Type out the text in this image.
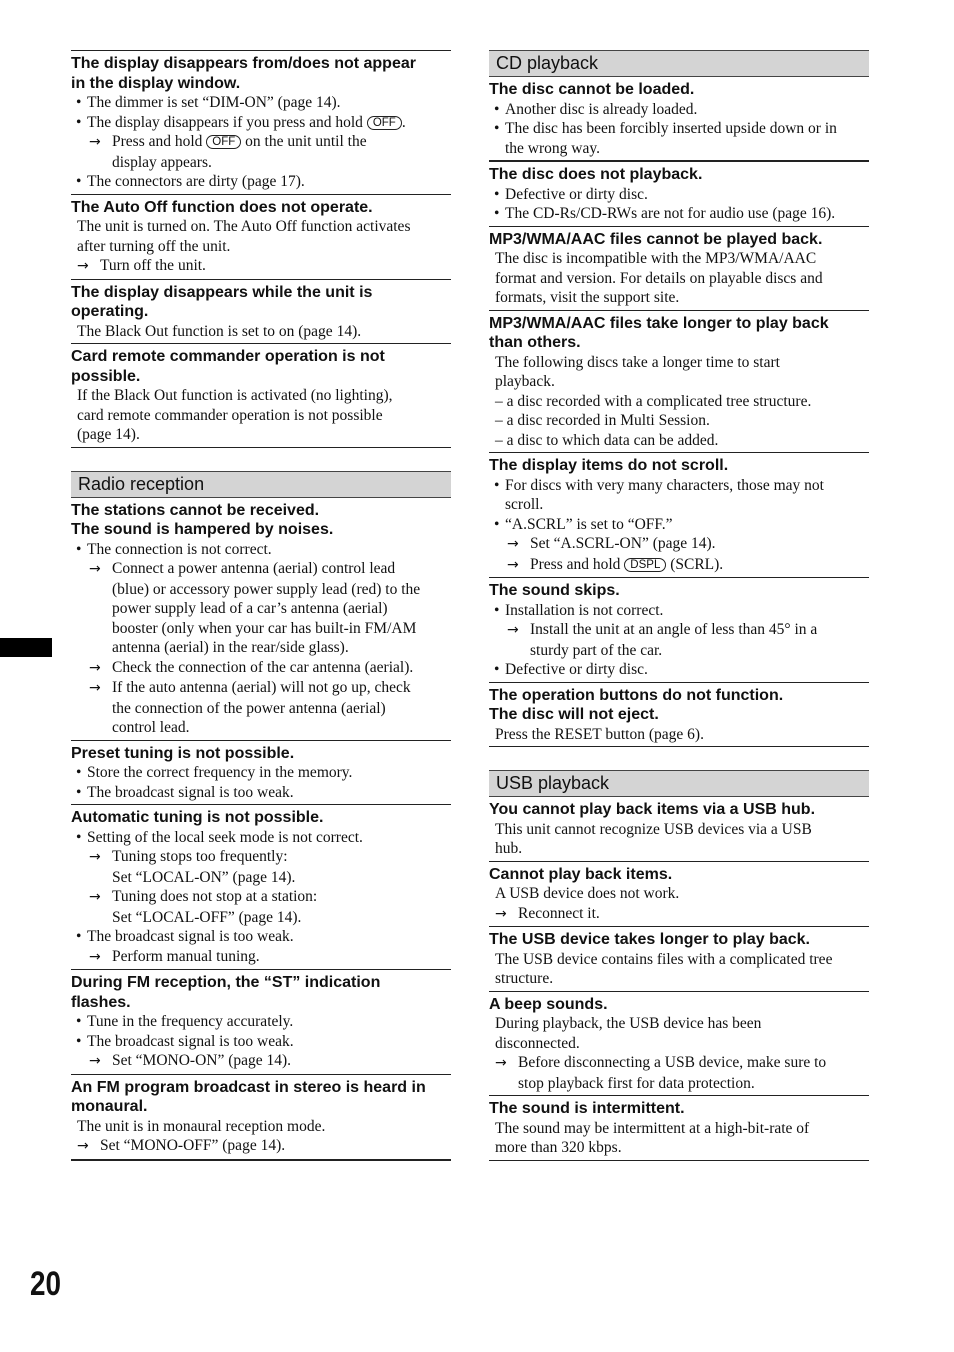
The display disappears from/does not appear
in the display window.
• The dimmer is set “DIM-ON” (page 14).
• The display disappears if you press and hold OFF .
→ Press and hold OFF on the unit until the
display appears.
• The connectors are dirty (page 17).
The Auto Off function does not operate.
The unit is turned on. The Auto Off function activates
after turning off the unit.
→ Turn off the unit.
The display disappears while the unit is
operating.
The Black Out function is set to on (page 14).
Card remote commander operation is not
possible.
If the Black Out function is activated (no lighting),
card remote commander operation is not possible
(page 14).
Radio reception
The stations cannot be received.
The sound is hampered by noises.
• The connection is not correct.
→ Connect a power antenna (aerial) control lead
(blue) or accessory power supply lead (red) to the
power supply lead of a car’s antenna (aerial)
booster (only when your car has built-in FM/AM
antenna (aerial) in the rear/side glass).
→ Check the connection of the car antenna (aerial).
→ If the auto antenna (aerial) will not go up, check
the connection of the power antenna (aerial)
control lead.
Preset tuning is not possible.
• Store the correct frequency in the memory.
• The broadcast signal is too weak.
Automatic tuning is not possible.
• Setting of the local seek mode is not correct.
→ Tuning stops too frequently:
Set “LOCAL-ON” (page 14).
→ Tuning does not stop at a station:
Set “LOCAL-OFF” (page 14).
• The broadcast signal is too weak.
→ Perform manual tuning.
During FM reception, the “ST” indication
flashes.
• Tune in the frequency accurately.
• The broadcast signal is too weak.
→ Set “MONO-ON” (page 14).
An FM program broadcast in stereo is heard in
monaural.
The unit is in monaural reception mode.
→ Set “MONO-OFF” (page 14).
CD playback
The disc cannot be loaded.
• Another disc is already loaded.
• The disc has been forcibly inserted upside down or in
the wrong way.
The disc does not playback.
• Defective or dirty disc.
• The CD-Rs/CD-RWs are not for audio use (page 16).
MP3/WMA/AAC files cannot be played back.
The disc is incompatible with the MP3/WMA/AAC
format and version. For details on playable discs and
formats, visit the support site.
MP3/WMA/AAC files take longer to play back
than others.
The following discs take a longer time to start
playback.
– a disc recorded with a complicated tree structure.
– a disc recorded in Multi Session.
– a disc to which data can be added.
The display items do not scroll.
• For discs with very many characters, those may not
scroll.
• “A.SCRL” is set to “OFF.”
→ Set “A.SCRL-ON” (page 14).
→ Press and hold DSPL (SCRL).
The sound skips.
• Installation is not correct.
→ Install the unit at an angle of less than 45° in a
sturdy part of the car.
• Defective or dirty disc.
The operation buttons do not function.
The disc will not eject.
Press the RESET button (page 6).
USB playback
You cannot play back items via a USB hub.
This unit cannot recognize USB devices via a USB
hub.
Cannot play back items.
A USB device does not work.
→ Reconnect it.
The USB device takes longer to play back.
The USB device contains files with a complicated tree
structure.
A beep sounds.
During playback, the USB device has been
disconnected.
→ Before disconnecting a USB device, make sure to
stop playback first for data protection.
The sound is intermittent.
The sound may be intermittent at a high-bit-rate of
more than 320 kbps.
20
